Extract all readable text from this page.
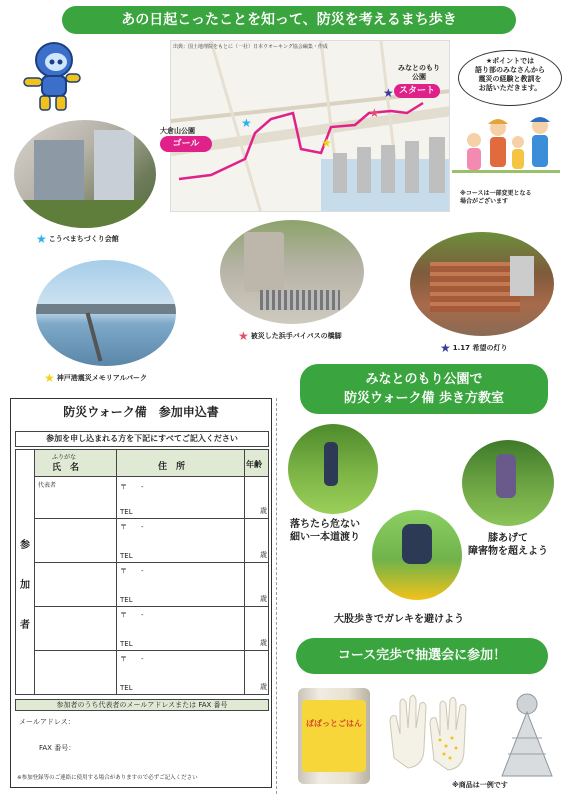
あの日起こったことを知って、防災を考えるまち歩き
出典：国土地理院をもとに（一社）日本ウオーキング協会編集・作成
★
★
★
★
みなとのもり
公園
スタート
大倉山公園
ゴール
★ポイントでは
語り部のみなさんから
震災の経験と教訓を
お話いただきます。
※コースは一部変更となる
場合がございます
★ こうべまちづくり会館
★ 神戸港震災メモリアルパーク
★ 被災した浜手バイパスの橋脚
★ 1.17 希望の灯り
防災ウォーク備　参加申込書
参加を申し込まれる方を下記にすべてご記入ください
ふりがな
氏　名	住　所	年齢
参加者
代表者	〒　　 -
TEL	歳
〒　　 -
TEL	歳
〒　　 -
TEL	歳
〒　　 -
TEL	歳
〒　　 -
TEL	歳
参加者のうち代表者のメールアドレスまたは FAX 番号
メールアドレス：
FAX 番号：
※参加登録等のご連絡に使用する場合がありますので必ずご記入ください
みなとのもり公園で
防災ウォーク備 歩き方教室
落ちたら危ない
細い一本道渡り	膝あげて
障害物を超えよう
大股歩きでガレキを避けよう
コース完歩で抽選会に参加！
ぱぱっとごはん
※商品は一例です
